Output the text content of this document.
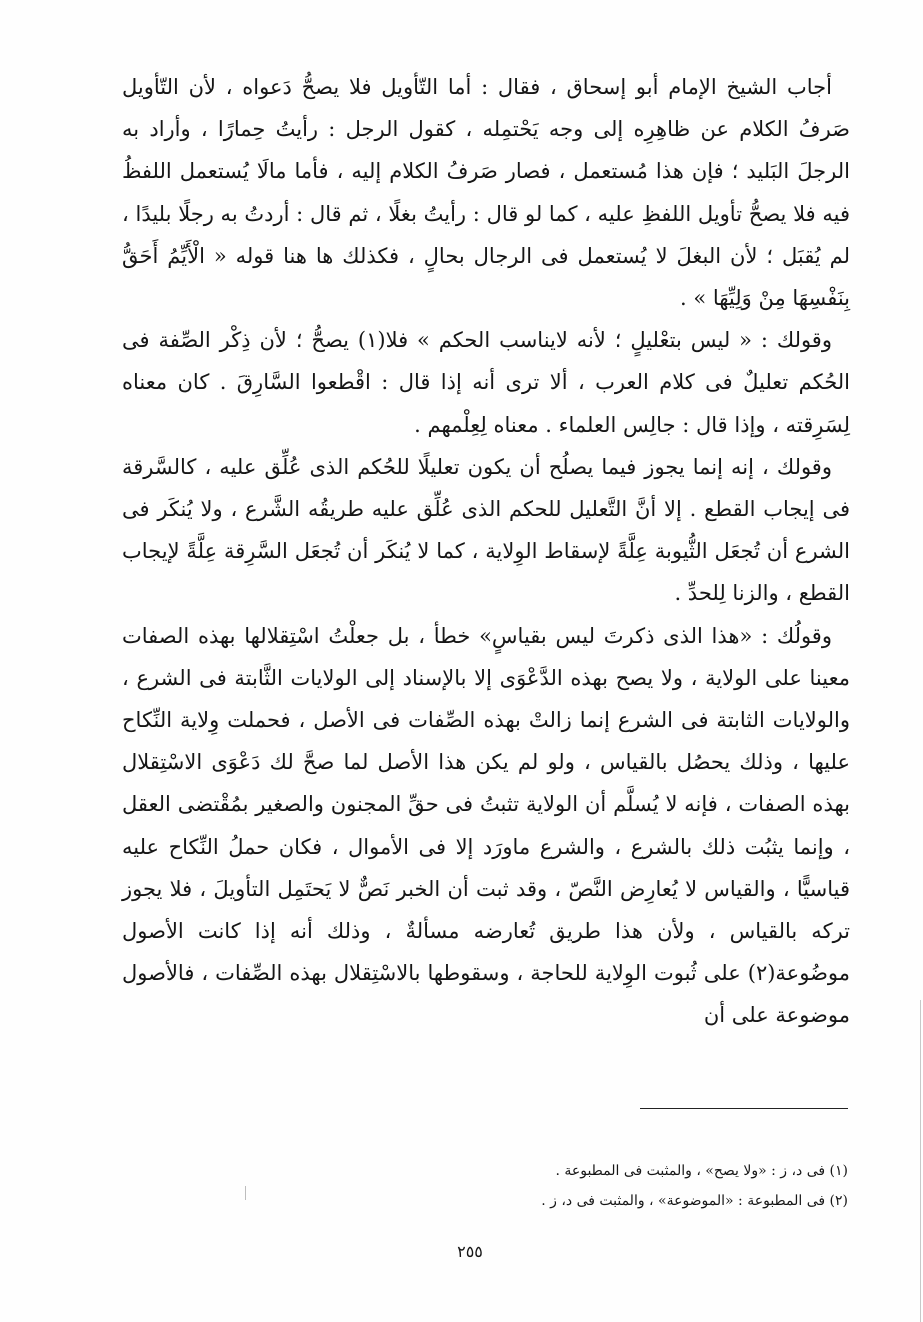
أجاب الشيخ الإمام أبو إسحاق ، فقال : أما التّأويل فلا يصحُّ دَعواه ، لأن التّأويل صَرفُ الكلام عن ظاهِرِه إلى وجه يَحْتمِله ، كقول الرجل : رأيتُ حِمارًا ، وأراد به الرجلَ البَليد ؛ فإن هذا مُستعمل ، فصار صَرفُ الكلام إليه ، فأما مالَا يُستعمل اللفظُ فيه فلا يصحُّ تأويل اللفظِ عليه ، كما لو قال : رأيتُ بغلًا ، ثم قال : أردتُ به رجلًا بليدًا ، لم يُقبَل ؛ لأن البغلَ لا يُستعمل فى الرجال بحالٍ ، فكذلك ها هنا قوله « الْأَيِّمُ أَحَقُّ بِنَفْسِهَا مِنْ وَلِيِّهَا » .

وقولك : « ليس بتعْليلٍ ؛ لأنه لايناسب الحكم » فلا(١) يصحُّ ؛ لأن ذِكْر الصِّفة فى الحُكم تعليلٌ فى كلام العرب ، ألا ترى أنه إذا قال : اقْطعوا السَّارِقَ . كان معناه لِسَرِقته ، وإذا قال : جالِس العلماء . معناه لِعِلْمهم .

وقولك ، إنه إنما يجوز فيما يصلُح أن يكون تعليلًا للحُكم الذى عُلِّق عليه ، كالسَّرقة فى إيجاب القطع . إلا أنَّ التَّعليل للحكم الذى عُلِّق عليه طريقُه الشَّرع ، ولا يُنكَر فى الشرع أن تُجعَل الثُّيوبة عِلَّةً لإسقاط الوِلاية ، كما لا يُنكَر أن تُجعَل السَّرِقة عِلَّةً لإيجاب القطع ، والزنا لِلحدِّ .

وقولُك : «هذا الذى ذكرتَ ليس بقياسٍ» خطأ ، بل جعلْتُ اسْتِقلالها بهذه الصفات معينا على الولاية ، ولا يصح بهذه الدَّعْوَى إلا بالإسناد إلى الولايات الثَّابتة فى الشرع ، والولايات الثابتة فى الشرع إنما زالتْ بهذه الصِّفات فى الأصل ، فحملت وِلاية النِّكاح عليها ، وذلك يحصُل بالقياس ، ولو لم يكن هذا الأصل لما صحَّ لك دَعْوَى الاسْتِقلال بهذه الصفات ، فإنه لا يُسلَّم أن الولاية تثبتُ فى حقِّ المجنون والصغير بمُقْتضى العقل ، وإنما يثبُت ذلك بالشرع ، والشرع ماورَد إلا فى الأموال ، فكان حملُ النِّكاح عليه قياسيًّا ، والقياس لا يُعارِض النَّصّ ، وقد ثبت أن الخبر نَصٌّ لا يَحتَمِل التأويلَ ، فلا يجوز تركه بالقياس ، ولأن هذا طريق تُعارضه مسألةٌ ، وذلك أنه إذا كانت الأصول موضُوعة(٢) على ثُبوت الوِلاية للحاجة ، وسقوطها بالاسْتِقلال بهذه الصِّفات ، فالأصول موضوعة على أن

(١) فى د، ز : «ولا يصح» ، والمثبت فى المطبوعة .
(٢) فى المطبوعة : «الموضوعة» ، والمثبت فى د، ز .
٢٥٥
